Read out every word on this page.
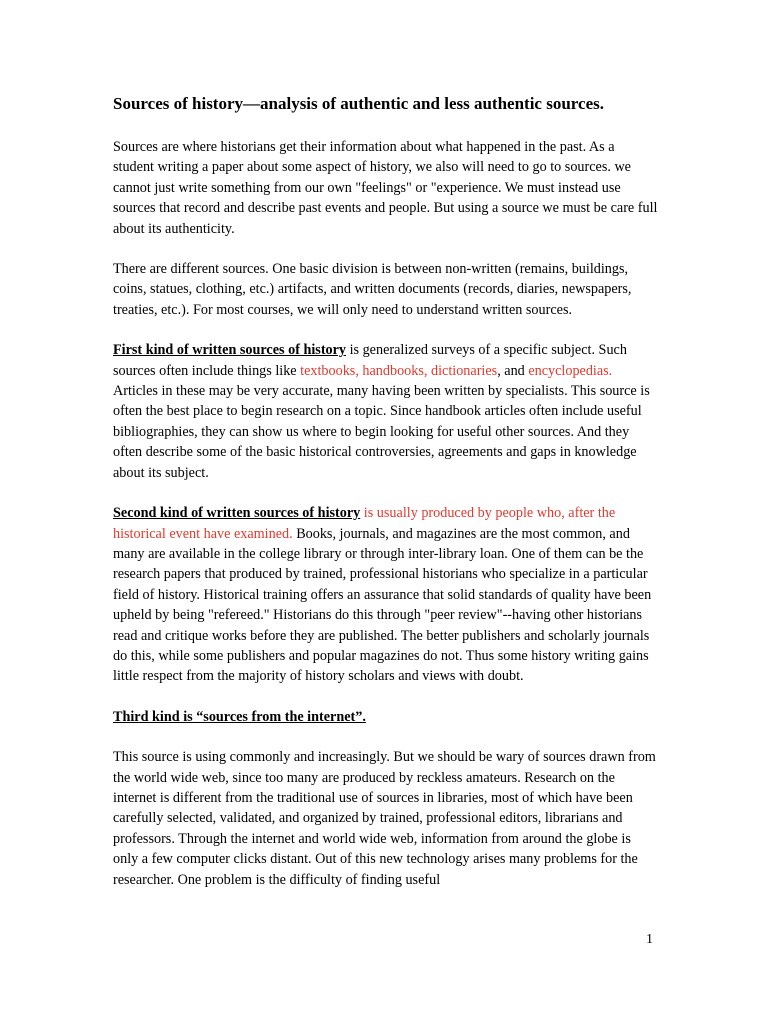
Sources of history—analysis of authentic and less authentic sources.

Sources are where historians get their information about what happened in the past. As a student writing a paper about some aspect of history, we also will need to go to sources. we cannot just write something from our own "feelings" or "experience. We must instead use sources that record and describe past events and people. But using a source we must be care full about its authenticity.

There are different sources. One basic division is between non-written (remains, buildings, coins, statues, clothing, etc.) artifacts, and written documents (records, diaries, newspapers, treaties, etc.). For most courses, we will only need to understand written sources.

First kind of written sources of history is generalized surveys of a specific subject. Such sources often include things like textbooks, handbooks, dictionaries, and encyclopedias. Articles in these may be very accurate, many having been written by specialists. This source is often the best place to begin research on a topic. Since handbook articles often include useful bibliographies, they can show us where to begin looking for useful other sources. And they often describe some of the basic historical controversies, agreements and gaps in knowledge about its subject.

Second kind of written sources of history is usually produced by people who, after the historical event have examined. Books, journals, and magazines are the most common, and many are available in the college library or through inter-library loan. One of them can be the research papers that produced by trained, professional historians who specialize in a particular field of history. Historical training offers an assurance that solid standards of quality have been upheld by being "refereed." Historians do this through "peer review"--having other historians read and critique works before they are published. The better publishers and scholarly journals do this, while some publishers and popular magazines do not. Thus some history writing gains little respect from the majority of history scholars and views with doubt.

Third kind is “sources from the internet”.

This source is using commonly and increasingly. But we should be wary of sources drawn from the world wide web, since too many are produced by reckless amateurs. Research on the internet is different from the traditional use of sources in libraries, most of which have been carefully selected, validated, and organized by trained, professional editors, librarians and professors. Through the internet and world wide web, information from around the globe is only a few computer clicks distant. Out of this new technology arises many problems for the researcher. One problem is the difficulty of finding useful

1
